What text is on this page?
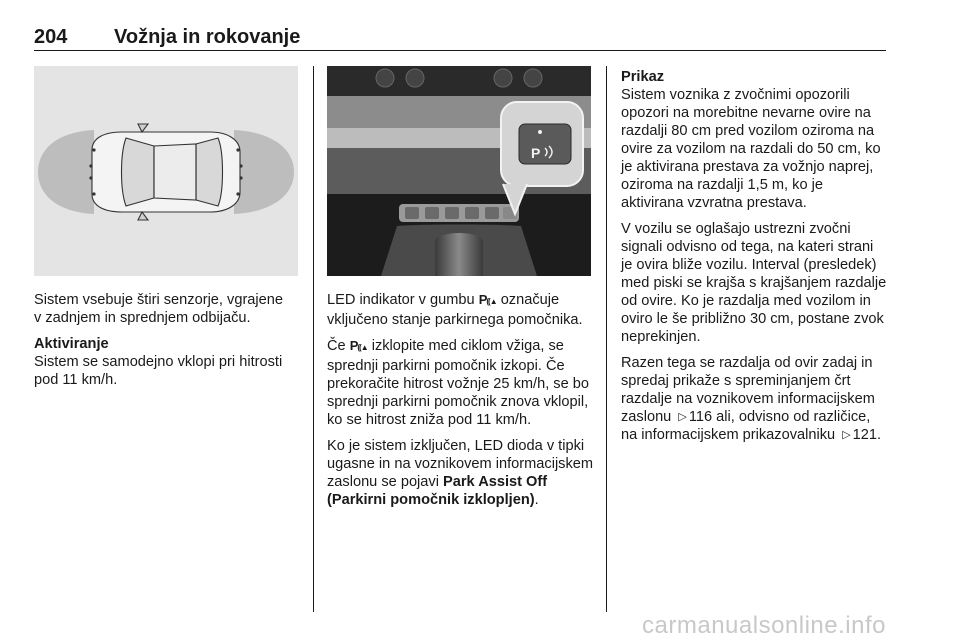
204 Vožnja in rokovanje
P

Sistem vsebuje štiri senzorje, vgrajene v zadnjem in sprednjem odbijaču.

Aktiviranje
Sistem se samodejno vklopi pri hitrosti pod 11 km/h.

LED indikator v gumbu P((▲ označuje vključeno stanje parkirnega pomočnika.

Če P((▲ izklopite med ciklom vžiga, se sprednji parkirni pomočnik izkopi. Če prekoračite hitrost vožnje 25 km/h, se bo sprednji parkirni pomočnik znova vklopil, ko se hitrost zniža pod 11 km/h.

Ko je sistem izključen, LED dioda v tipki ugasne in na voznikovem informacijskem zaslonu se pojavi Park Assist Off (Parkirni pomočnik izklopljen).

Prikaz
Sistem voznika z zvočnimi opozorili opozori na morebitne nevarne ovire na razdalji 80 cm pred vozilom oziroma na ovire za vozilom na razdali do 50 cm, ko je aktivirana prestava za vožnjo naprej, oziroma na razdalji 1,5 m, ko je aktivirana vzvratna prestava.

V vozilu se oglašajo ustrezni zvočni signali odvisno od tega, na kateri strani je ovira bliže vozilu. Interval (presledek) med piski se krajša s krajšanjem razdalje od ovire. Ko je razdalja med vozilom in oviro le še približno 30 cm, postane zvok neprekinjen.

Razen tega se razdalja od ovir zadaj in spredaj prikaže s spreminjanjem črt razdalje na voznikovem informacijskem zaslonu ▷ 116 ali, odvisno od različice, na informacijskem prikazovalniku ▷ 121.

carmanualsonline.info
